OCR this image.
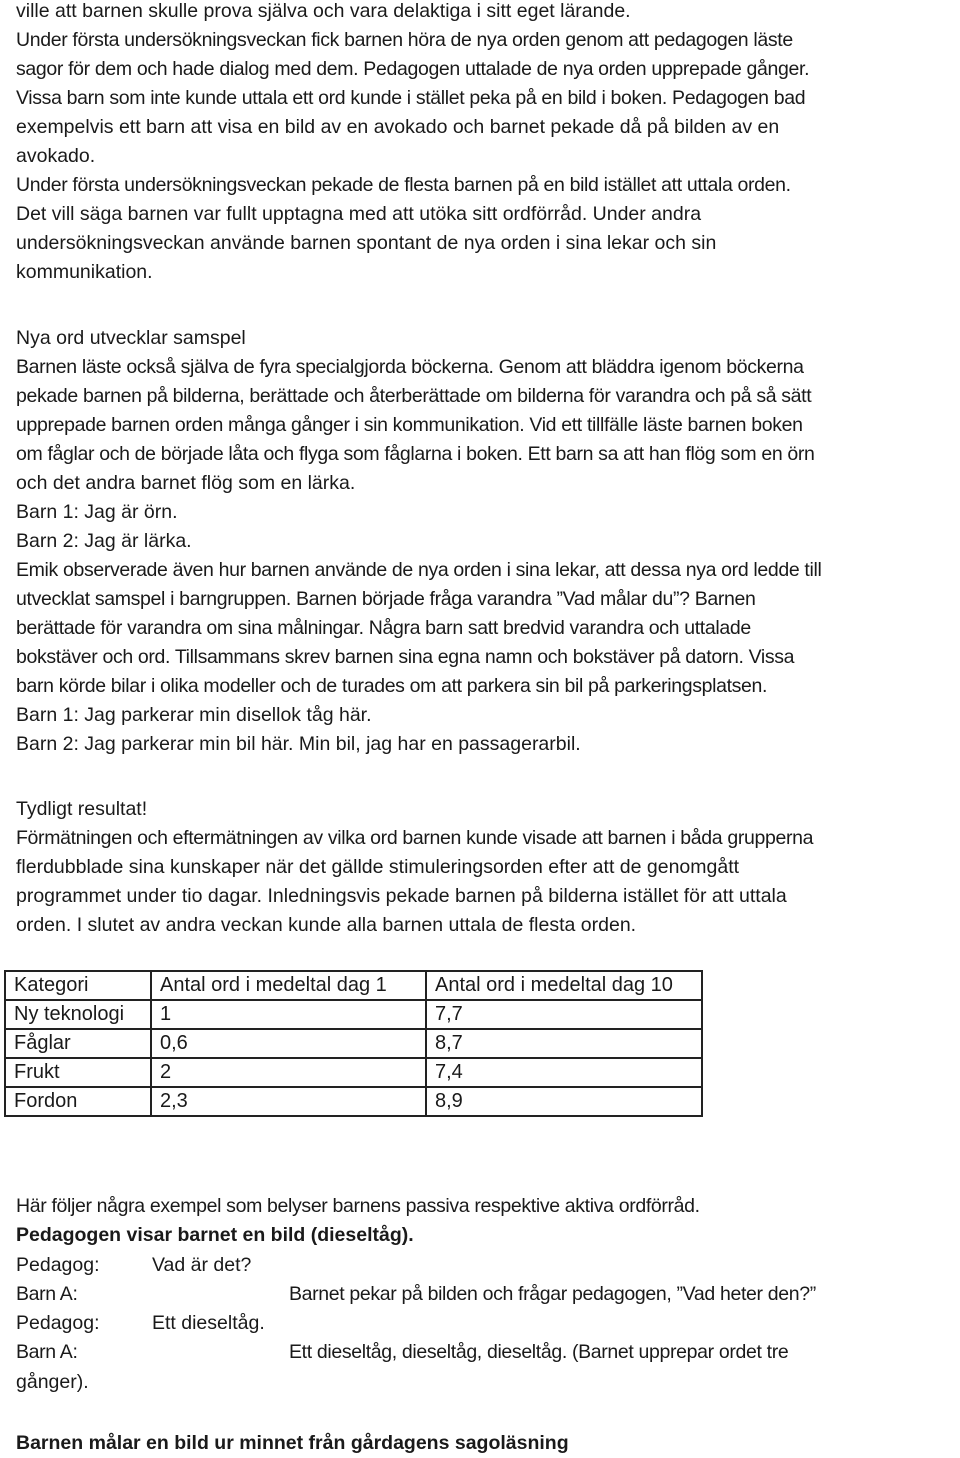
ville att barnen skulle prova själva och vara delaktiga i sitt eget lärande.
Under första undersökningsveckan fick barnen höra de nya orden genom att pedagogen läste
sagor för dem och hade dialog med dem. Pedagogen uttalade de nya orden upprepade gånger.
Vissa barn som inte kunde uttala ett ord kunde i stället peka på en bild i boken. Pedagogen bad
exempelvis ett barn att visa en bild av en avokado och barnet pekade då på bilden av en
avokado.
Under första undersökningsveckan pekade de flesta barnen på en bild istället att uttala orden.
Det vill säga barnen var fullt upptagna med att utöka sitt ordförråd. Under andra
undersökningsveckan använde barnen spontant de nya orden i sina lekar och sin
kommunikation.
Nya ord utvecklar samspel
Barnen läste också själva de fyra specialgjorda böckerna. Genom att bläddra igenom böckerna
pekade barnen på bilderna, berättade och återberättade om bilderna för varandra och på så sätt
upprepade barnen orden många gånger i sin kommunikation. Vid ett tillfälle läste barnen boken
om fåglar och de började låta och flyga som fåglarna i boken. Ett barn sa att han flög som en örn
och det andra barnet flög som en lärka.
Barn 1: Jag är örn.
Barn 2: Jag är lärka.
Emik observerade även hur barnen använde de nya orden i sina lekar, att dessa nya ord ledde till
utvecklat samspel i barngruppen. Barnen började fråga varandra ”Vad målar du”? Barnen
berättade för varandra om sina målningar. Några barn satt bredvid varandra och uttalade
bokstäver och ord. Tillsammans skrev barnen sina egna namn och bokstäver på datorn. Vissa
barn körde bilar i olika modeller och de turades om att parkera sin bil på parkeringsplatsen.
Barn 1: Jag parkerar min disellok tåg här.
Barn 2: Jag parkerar min bil här. Min bil, jag har en passagerarbil.
Tydligt resultat!
Förmätningen och eftermätningen av vilka ord barnen kunde visade att barnen i båda grupperna
flerdubblade sina kunskaper när det gällde stimuleringsorden efter att de genomgått
programmet under tio dagar. Inledningsvis pekade barnen på bilderna istället för att uttala
orden. I slutet av andra veckan kunde alla barnen uttala de flesta orden.
Kategori	Antal ord i medeltal dag 1	Antal ord i medeltal dag 10
Ny teknologi	1	7,7
Fåglar	0,6	8,7
Frukt	2	7,4
Fordon	2,3	8,9
Här följer några exempel som belyser barnens passiva respektive aktiva ordförråd.
Pedagogen visar barnet en bild (dieseltåg).
Pedagog:	Vad är det?
Barn A:	Barnet pekar på bilden och frågar pedagogen, ”Vad heter den?”
Pedagog:	Ett dieseltåg.
Barn A:	Ett dieseltåg, dieseltåg, dieseltåg. (Barnet upprepar ordet tre
gånger).
Barnen målar en bild ur minnet från gårdagens sagoläsning
